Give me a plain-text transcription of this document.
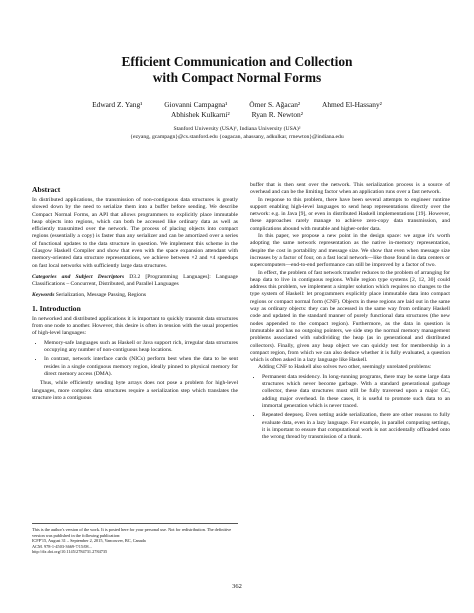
Efficient Communication and Collection
with Compact Normal Forms
Edward Z. Yang¹	Giovanni Campagna¹	Ömer S. Ağacan²	Ahmed El-Hassany²
Abhishek Kulkarni²	Ryan R. Newton²
Stanford University (USA)¹, Indiana University (USA)²
{ezyang, gcampagn}@cs.stanford.edu {oagacan, ahassany, adkulkar, rrnewton}@indiana.edu
Abstract

In distributed applications, the transmission of non-contiguous data structures is greatly slowed down by the need to serialize them into a buffer before sending. We describe Compact Normal Forms, an API that allows programmers to explicitly place immutable heap objects into regions, which can both be accessed like ordinary data as well as efficiently transmitted over the network. The process of placing objects into compact regions (essentially a copy) is faster than any serializer and can be amortized over a series of functional updates to the data structure in question. We implement this scheme in the Glasgow Haskell Compiler and show that even with the space expansion attendant with memory-oriented data structure representations, we achieve between ×2 and ×4 speedups on fast local networks with sufficiently large data structures.

Categories and Subject Descriptors D3.2 [Programming Languages]: Language Classifications – Concurrent, Distributed, and Parallel Languages

Keywords Serialization, Message Passing, Regions

1. Introduction

In networked and distributed applications it is important to quickly transmit data structures from one node to another. However, this desire is often in tension with the usual properties of high-level languages:

• Memory-safe languages such as Haskell or Java support rich, irregular data structures occupying any number of non-contiguous heap locations.
• In contrast, network interface cards (NICs) perform best when the data to be sent resides in a single contiguous memory region, ideally pinned to physical memory for direct memory access (DMA).

Thus, while efficiently sending byte arrays does not pose a problem for high-level languages, more complex data structures require a serialization step which translates the structure into a contiguous

This is the author's version of the work. It is posted here for your personal use. Not for redistribution. The definitive version was published in the following publication:
ICFP'15, August 31 – September 2, 2015, Vancouver, BC, Canada
ACM. 978-1-4503-3669-7/15/08...
http://dx.doi.org/10.1145/2784731.2784735

buffer that is then sent over the network. This serialization process is a source of overhead and can be the limiting factor when an application runs over a fast network.

In response to this problem, there have been several attempts to engineer runtime support enabling high-level languages to send heap representations directly over the network: e.g. in Java [9], or even in distributed Haskell implementations [19]. However, these approaches rarely manage to achieve zero-copy data transmission, and complications abound with mutable and higher-order data.

In this paper, we propose a new point in the design space: we argue it's worth adopting the same network representation as the native in-memory representation, despite the cost in portability and message size. We show that even when message size increases by a factor of four, on a fast local network—like those found in data centers or supercomputers—end-to-end performance can still be improved by a factor of two.

In effect, the problem of fast network transfer reduces to the problem of arranging for heap data to live in contiguous regions. While region type systems [2, 12, 30] could address this problem, we implement a simpler solution which requires no changes to the type system of Haskell: let programmers explicitly place immutable data into compact regions or compact normal form (CNF). Objects in these regions are laid out in the same way as ordinary objects: they can be accessed in the same way from ordinary Haskell code and updated in the standard manner of purely functional data structures (the new nodes appended to the compact region). Furthermore, as the data in question is immutable and has no outgoing pointers, we side step the normal memory management problems associated with subdividing the heap (as in generational and distributed collectors). Finally, given any heap object we can quickly test for membership in a compact region, from which we can also deduce whether it is fully evaluated, a question which is often asked in a lazy language like Haskell.

Adding CNF to Haskell also solves two other, seemingly unrelated problems:

• Permanent data residency. In long-running programs, there may be some large data structures which never become garbage. With a standard generational garbage collector, these data structures must still be fully traversed upon a major GC, adding major overhead. In these cases, it is useful to promote such data to an immortal generation which is never traced.
• Repeated deepseq. Even setting aside serialization, there are other reasons to fully evaluate data, even in a lazy language. For example, in parallel computing settings, it is important to ensure that computational work is not accidentally offloaded onto the wrong thread by transmission of a thunk.
362
